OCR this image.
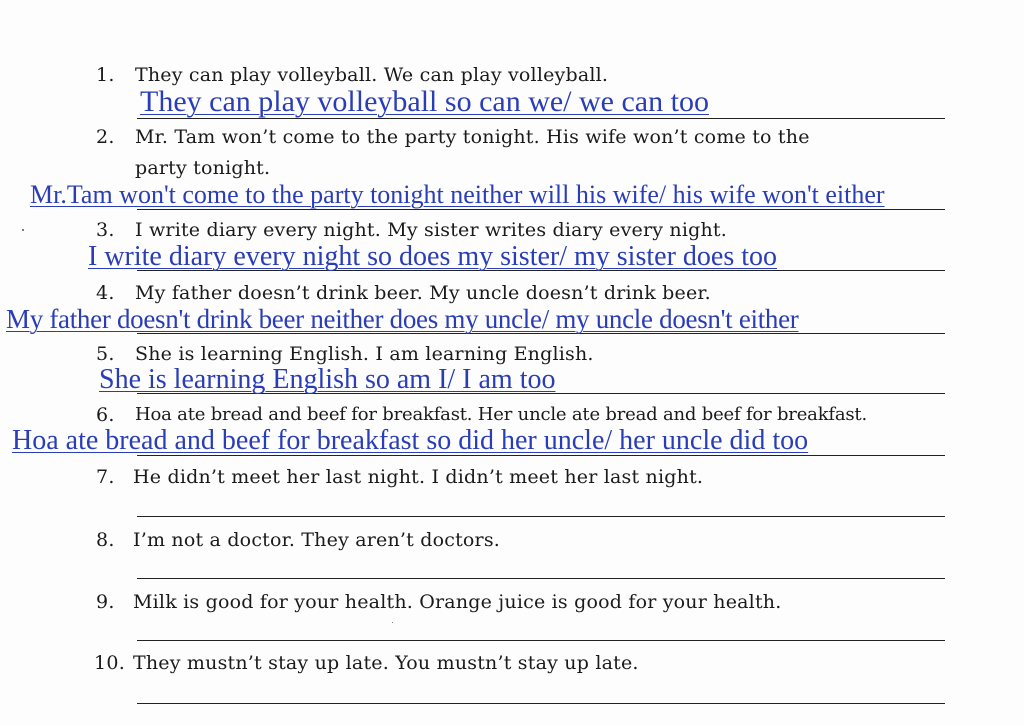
1. They can play volleyball. We can play volleyball.
They can play volleyball so can we/ we can too
2. Mr. Tam won’t come to the party tonight. His wife won’t come to the
party tonight.
Mr.Tam won't come to the party tonight neither will his wife/ his wife won't either
3. I write diary every night. My sister writes diary every night.
I write diary every night so does my sister/ my sister does too
4. My father doesn’t drink beer. My uncle doesn’t drink beer.
My father doesn't drink beer neither does my uncle/ my uncle doesn't either
5. She is learning English. I am learning English.
She is learning English so am I/ I am too
6. Hoa ate bread and beef for breakfast. Her uncle ate bread and beef for breakfast.
Hoa ate bread and beef for breakfast so did her uncle/ her uncle did too
7. He didn’t meet her last night. I didn’t meet her last night.
8. I’m not a doctor. They aren’t doctors.
9. Milk is good for your health. Orange juice is good for your health.
10. They mustn’t stay up late. You mustn’t stay up late.
